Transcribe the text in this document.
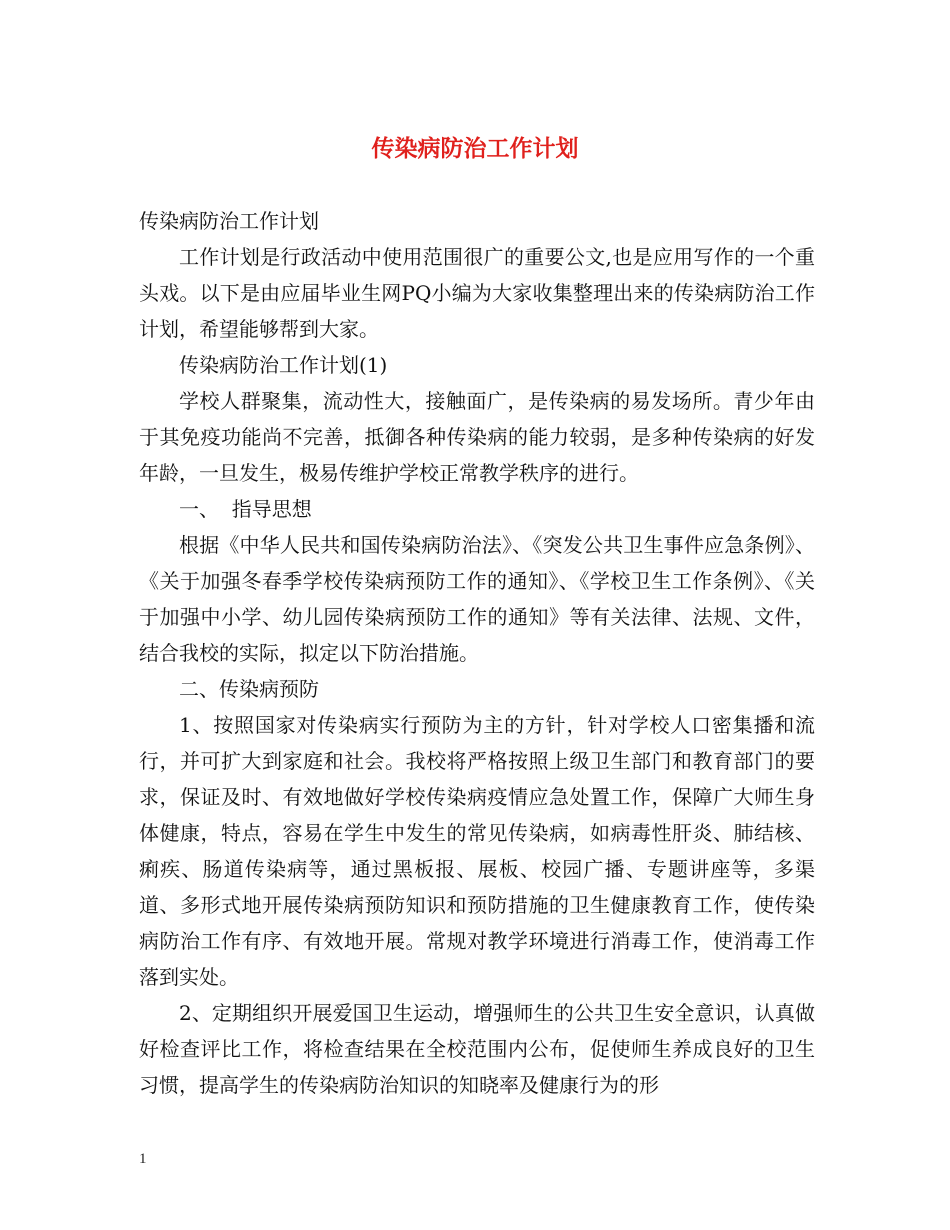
传染病防治工作计划

传染病防治工作计划

工作计划是行政活动中使用范围很广的重要公文,也是应用写作的一个重头戏。以下是由应届毕业生网PQ小编为大家收集整理出来的传染病防治工作计划，希望能够帮到大家。

传染病防治工作计划(1)

学校人群聚集，流动性大，接触面广，是传染病的易发场所。青少年由于其免疫功能尚不完善，抵御各种传染病的能力较弱，是多种传染病的好发年龄，一旦发生，极易传维护学校正常教学秩序的进行。

一、  指导思想

根据《中华人民共和国传染病防治法》、《突发公共卫生事件应急条例》、《关于加强冬春季学校传染病预防工作的通知》、《学校卫生工作条例》、《关于加强中小学、幼儿园传染病预防工作的通知》等有关法律、法规、文件，结合我校的实际，拟定以下防治措施。

二、传染病预防

1、按照国家对传染病实行预防为主的方针，针对学校人口密集播和流行，并可扩大到家庭和社会。我校将严格按照上级卫生部门和教育部门的要求，保证及时、有效地做好学校传染病疫情应急处置工作，保障广大师生身体健康，特点，容易在学生中发生的常见传染病，如病毒性肝炎、肺结核、痢疾、肠道传染病等，通过黑板报、展板、校园广播、专题讲座等，多渠道、多形式地开展传染病预防知识和预防措施的卫生健康教育工作，使传染病防治工作有序、有效地开展。常规对教学环境进行消毒工作，使消毒工作落到实处。

2、定期组织开展爱国卫生运动，增强师生的公共卫生安全意识，认真做好检查评比工作，将检查结果在全校范围内公布，促使师生养成良好的卫生习惯，提高学生的传染病防治知识的知晓率及健康行为的形

1
